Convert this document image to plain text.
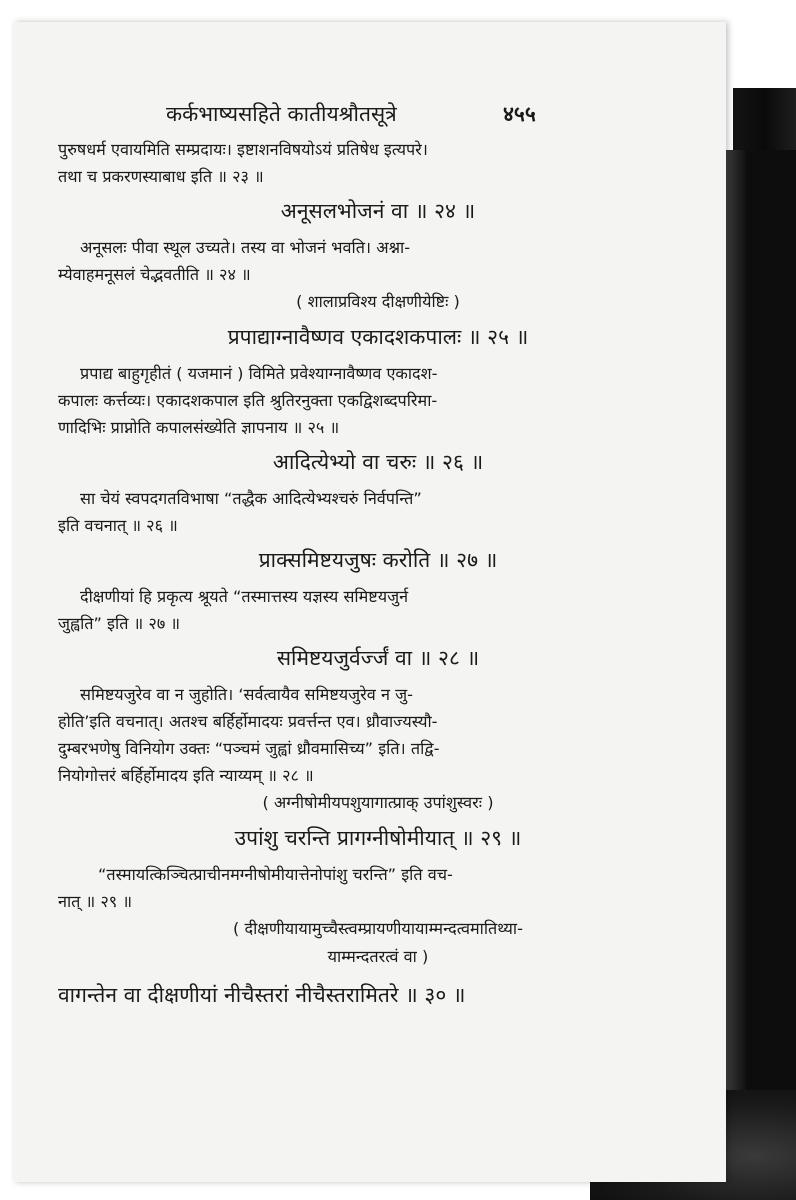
कर्कभाष्यसहिते कातीयश्रौतसूत्रे	४५५
पुरुषधर्म एवायमिति सम्प्रदायः। इष्टाशनविषयोऽयं प्रतिषेध इत्यपरे।
तथा च प्रकरणस्याबाध इति ॥ २३ ॥
अनूसलभोजनं वा ॥ २४ ॥
अनूसलः पीवा स्थूल उच्यते। तस्य वा भोजनं भवति। अश्ना-
म्येवाहमनूसलं चेद्भवतीति ॥ २४ ॥
( शालाप्रविश्य दीक्षणीयेष्टिः )
प्रपाद्याग्नावैष्णव एकादशकपालः ॥ २५ ॥
प्रपाद्य बाहुगृहीतं ( यजमानं ) विमिते प्रवेश्याग्नावैष्णव एकादश-
कपालः कर्त्तव्यः। एकादशकपाल इति श्रुतिरनुक्ता एकद्विशब्दपरिमा-
णादिभिः प्राप्नोति कपालसंख्येति ज्ञापनाय ॥ २५ ॥
आदित्येभ्यो वा चरुः ॥ २६ ॥
सा चेयं स्वपदगतविभाषा “तद्धैक आदित्येभ्यश्चरुं निर्वपन्ति”
इति वचनात् ॥ २६ ॥
प्राक्समिष्टयजुषः करोति ॥ २७ ॥
दीक्षणीयां हि प्रकृत्य श्रूयते “तस्मात्तस्य यज्ञस्य समिष्टयजुर्न
जुह्वति” इति ॥ २७ ॥
समिष्टयजुर्वर्ज्जं वा ॥ २८ ॥
समिष्टयजुरेव वा न जुहोति। ‘सर्वत्वायैव समिष्टयजुरेव न जु-
होति’इति वचनात्। अतश्च बर्हिर्होमादयः प्रवर्त्तन्त एव। ध्रौवाज्यस्यौ-
दुम्बरभणेषु विनियोग उक्तः “पञ्चमं जुह्वां ध्रौवमासिच्य” इति। तद्वि-
नियोगोत्तरं बर्हिर्होमादय इति न्याय्यम् ॥ २८ ॥
( अग्नीषोमीयपशुयागात्प्राक् उपांशुस्वरः )
उपांशु चरन्ति प्रागग्नीषोमीयात् ॥ २९ ॥
“तस्मायत्किञ्चित्प्राचीनमग्नीषोमीयात्तेनोपांशु चरन्ति” इति वच-
नात् ॥ २९ ॥
( दीक्षणीयायामुच्चैस्त्वम्प्रायणीयायाम्मन्दत्वमातिथ्या-
याम्मन्दतरत्वं वा )
वागन्तेन वा दीक्षणीयां नीचैस्तरां नीचैस्तरामितरे ॥ ३० ॥
